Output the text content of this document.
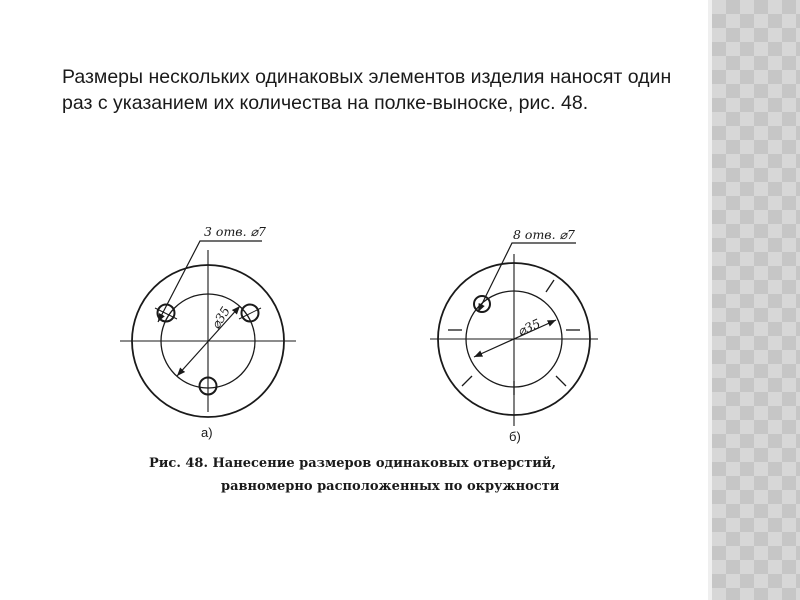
Размеры нескольких одинаковых элементов изделия наносят один раз с указанием их количества на полке-выноске, рис. 48.

3 отв. ⌀7
⌀35
а)
8 отв. ⌀7
⌀35
б)
Рис. 48. Нанесение размеров одинаковых отверстий,
равномерно расположенных по окружности
